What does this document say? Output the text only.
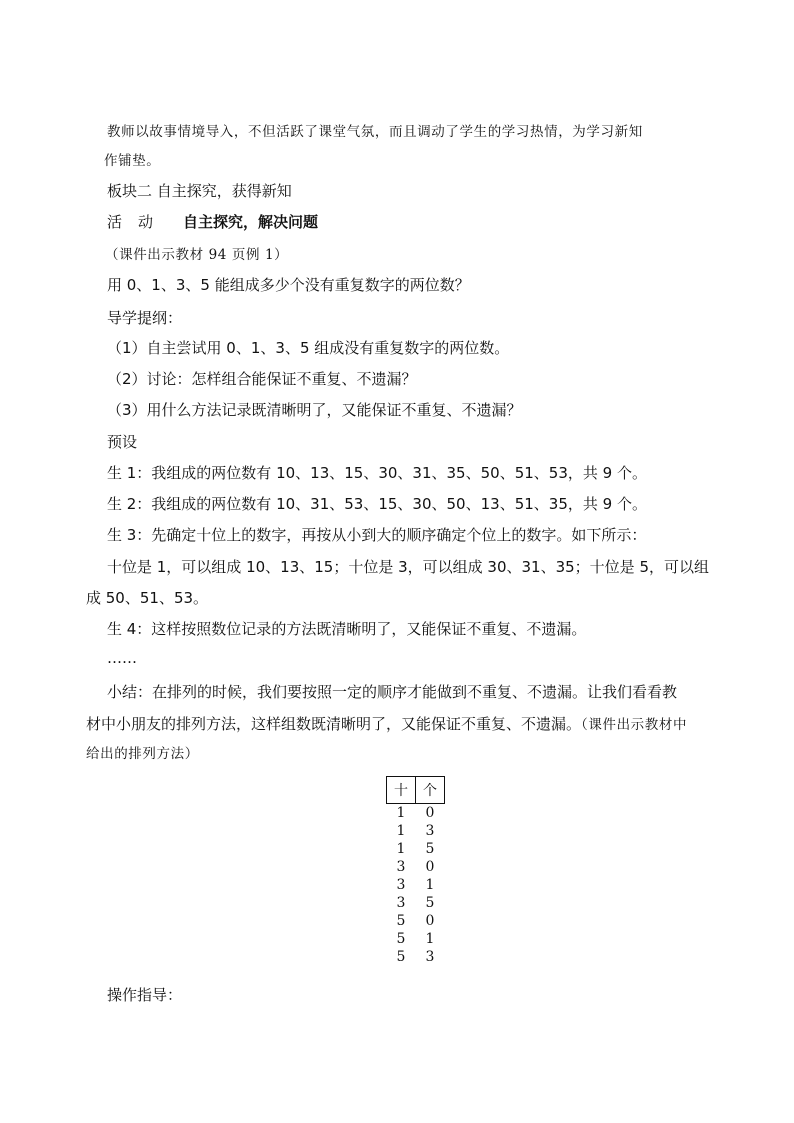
教师以故事情境导入，不但活跃了课堂气氛，而且调动了学生的学习热情，为学习新知
作铺垫。
板块二 自主探究，获得新知
活 动 自主探究，解决问题
（课件出示教材 94 页例 1）
用 0、1、3、5 能组成多少个没有重复数字的两位数？
导学提纲：
（1）自主尝试用 0、1、3、5 组成没有重复数字的两位数。
（2）讨论：怎样组合能保证不重复、不遗漏？
（3）用什么方法记录既清晰明了，又能保证不重复、不遗漏？
预设
生 1：我组成的两位数有 10、13、15、30、31、35、50、51、53，共 9 个。
生 2：我组成的两位数有 10、31、53、15、30、50、13、51、35，共 9 个。
生 3：先确定十位上的数字，再按从小到大的顺序确定个位上的数字。如下所示：
十位是 1，可以组成 10、13、15；十位是 3，可以组成 30、31、35；十位是 5，可以组
成 50、51、53。
生 4：这样按照数位记录的方法既清晰明了，又能保证不重复、不遗漏。
……
小结：在排列的时候，我们要按照一定的顺序才能做到不重复、不遗漏。让我们看看教
材中小朋友的排列方法，这样组数既清晰明了，又能保证不重复、不遗漏。（课件出示教材中
给出的排列方法）
十	个
1	0
1	3
1	5
3	0
3	1
3	5
5	0
5	1
5	3
操作指导：
